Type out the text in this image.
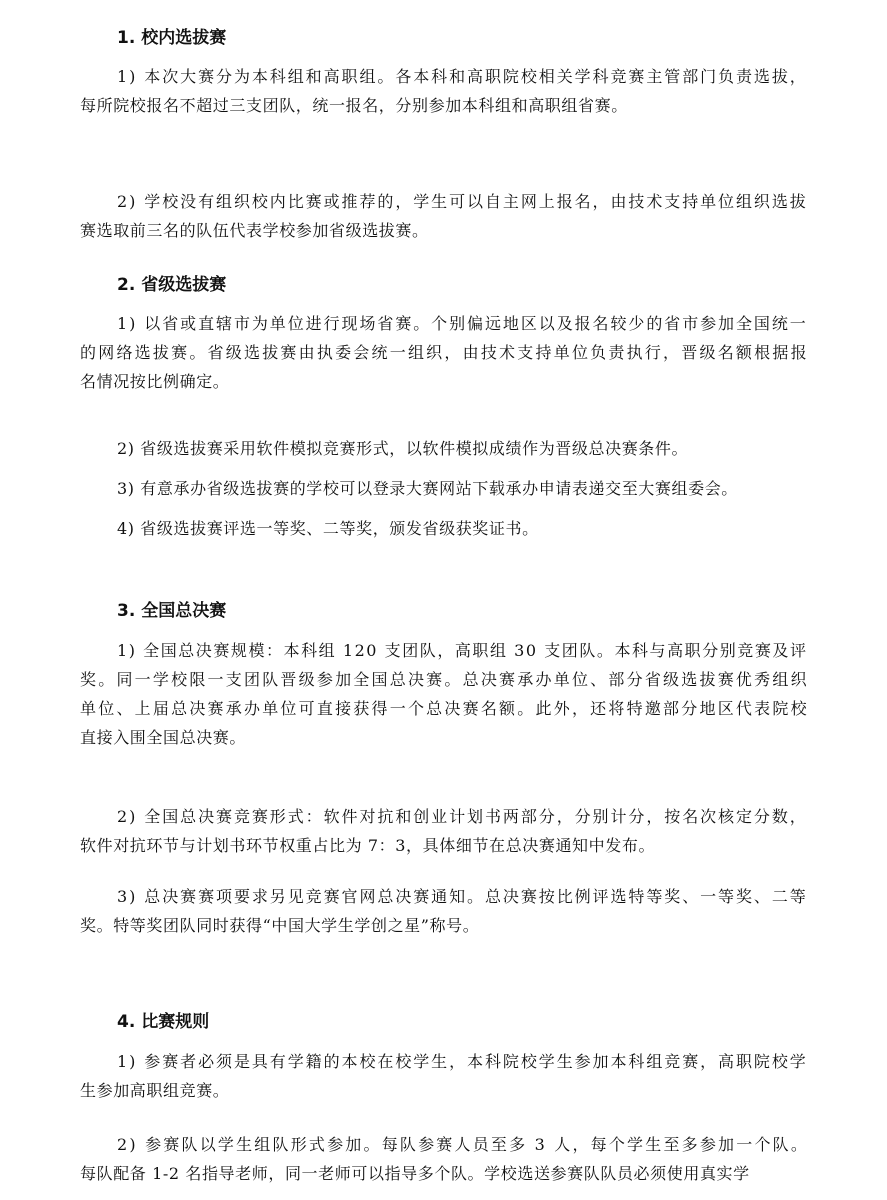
1. 校内选拔赛
1) 本次大赛分为本科组和高职组。各本科和高职院校相关学科竞赛主管部门负责选拔，
每所院校报名不超过三支团队，统一报名，分别参加本科组和高职组省赛。
2) 学校没有组织校内比赛或推荐的，学生可以自主网上报名，由技术支持单位组织选拔
赛选取前三名的队伍代表学校参加省级选拔赛。
2. 省级选拔赛
1) 以省或直辖市为单位进行现场省赛。个别偏远地区以及报名较少的省市参加全国统一
的网络选拔赛。省级选拔赛由执委会统一组织，由技术支持单位负责执行，晋级名额根据报
名情况按比例确定。
2) 省级选拔赛采用软件模拟竞赛形式，以软件模拟成绩作为晋级总决赛条件。
3) 有意承办省级选拔赛的学校可以登录大赛网站下载承办申请表递交至大赛组委会。
4) 省级选拔赛评选一等奖、二等奖，颁发省级获奖证书。
3. 全国总决赛
1) 全国总决赛规模：本科组 120 支团队，高职组 30 支团队。本科与高职分别竞赛及评
奖。同一学校限一支团队晋级参加全国总决赛。总决赛承办单位、部分省级选拔赛优秀组织
单位、上届总决赛承办单位可直接获得一个总决赛名额。此外，还将特邀部分地区代表院校
直接入围全国总决赛。
2) 全国总决赛竞赛形式：软件对抗和创业计划书两部分，分别计分，按名次核定分数，
软件对抗环节与计划书环节权重占比为 7：3，具体细节在总决赛通知中发布。
3) 总决赛赛项要求另见竞赛官网总决赛通知。总决赛按比例评选特等奖、一等奖、二等
奖。特等奖团队同时获得“中国大学生学创之星”称号。
4. 比赛规则
1) 参赛者必须是具有学籍的本校在校学生，本科院校学生参加本科组竞赛，高职院校学
生参加高职组竞赛。
2) 参赛队以学生组队形式参加。每队参赛人员至多 3 人，每个学生至多参加一个队。
每队配备 1-2 名指导老师，同一老师可以指导多个队。学校选送参赛队队员必须使用真实学
